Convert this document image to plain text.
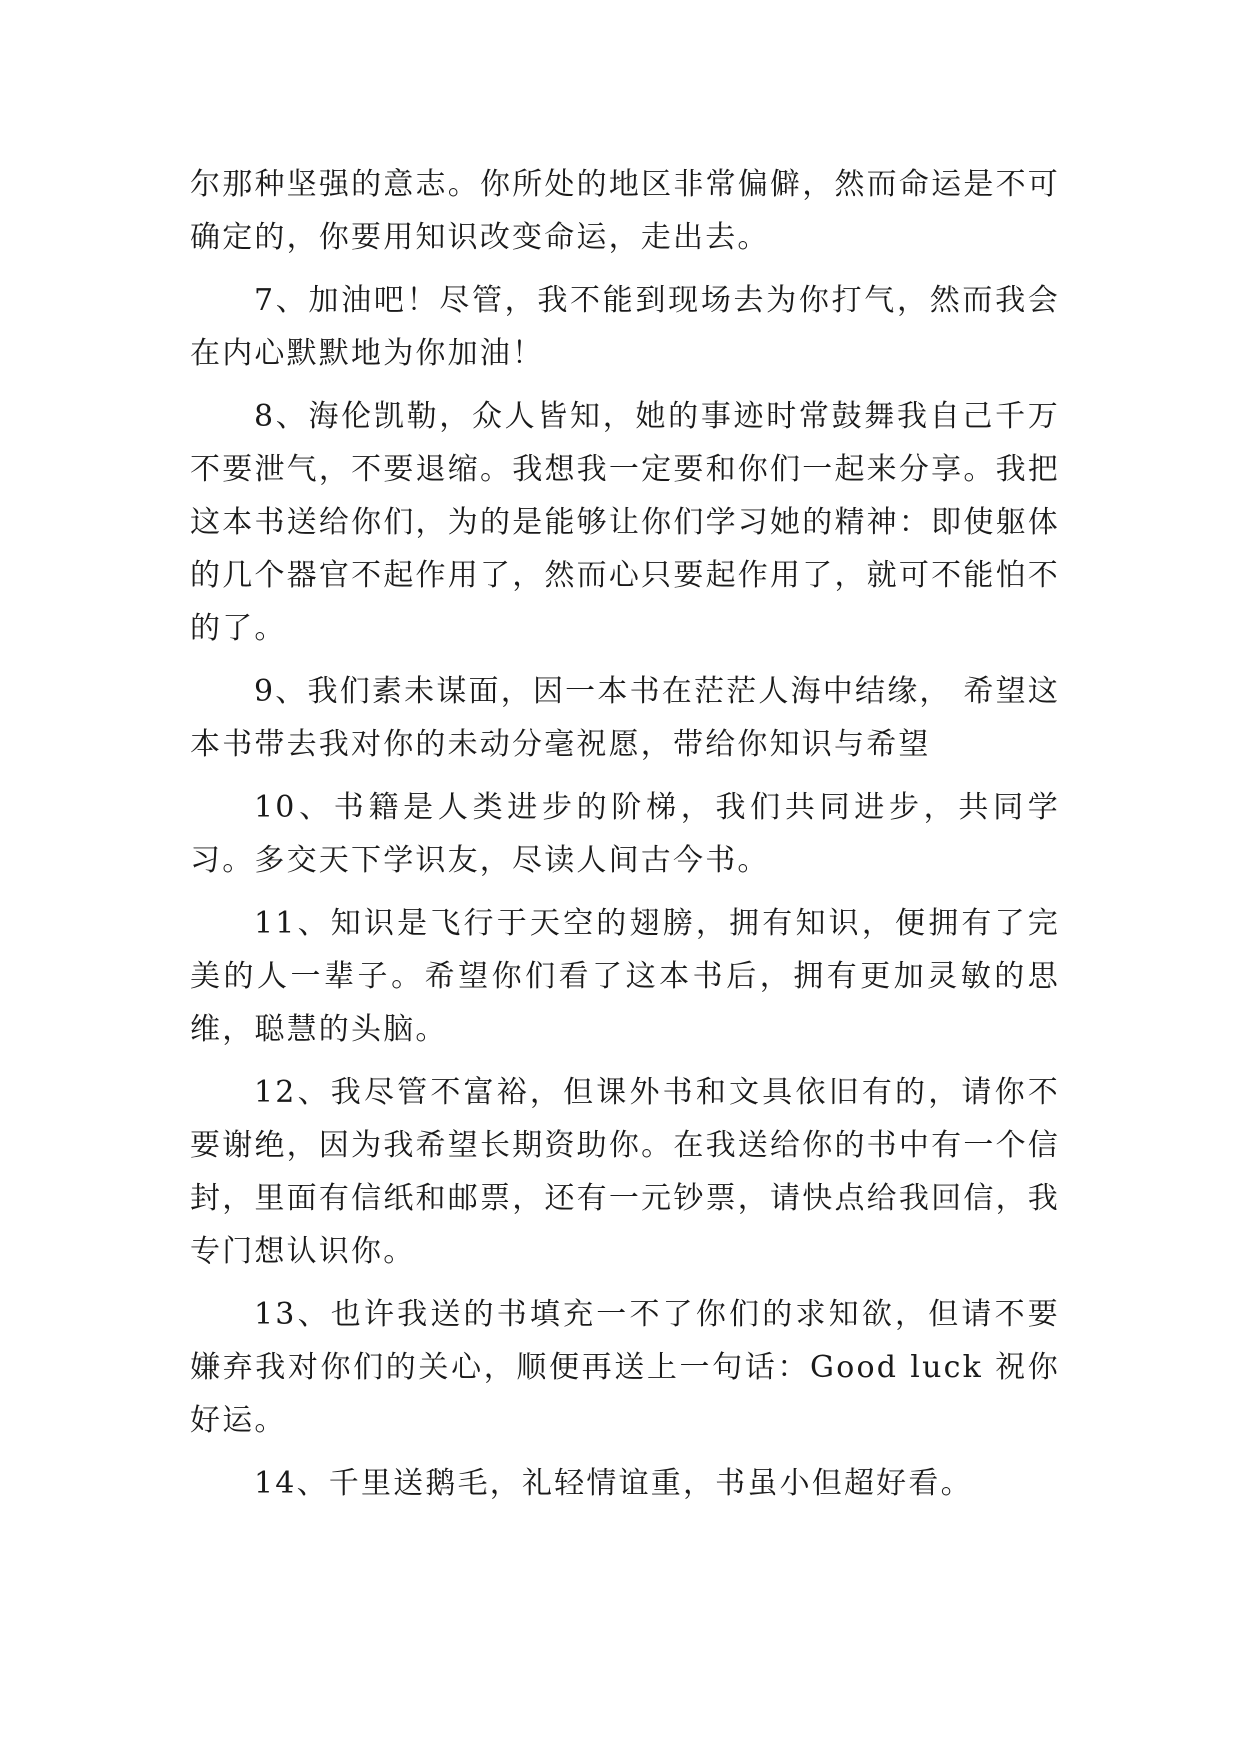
尔那种坚强的意志。你所处的地区非常偏僻，然而命运是不可确定的，你要用知识改变命运，走出去。

7、加油吧！尽管，我不能到现场去为你打气，然而我会在内心默默地为你加油！

8、海伦凯勒，众人皆知，她的事迹时常鼓舞我自己千万不要泄气，不要退缩。我想我一定要和你们一起来分享。我把这本书送给你们，为的是能够让你们学习她的精神：即使躯体的几个器官不起作用了，然而心只要起作用了，就可不能怕不的了。

9、我们素未谋面，因一本书在茫茫人海中结缘， 希望这本书带去我对你的未动分毫祝愿，带给你知识与希望

10、书籍是人类进步的阶梯，我们共同进步，共同学习。多交天下学识友，尽读人间古今书。

11、知识是飞行于天空的翅膀，拥有知识，便拥有了完美的人一辈子。希望你们看了这本书后，拥有更加灵敏的思维，聪慧的头脑。

12、我尽管不富裕，但课外书和文具依旧有的，请你不要谢绝，因为我希望长期资助你。在我送给你的书中有一个信封，里面有信纸和邮票，还有一元钞票，请快点给我回信，我专门想认识你。

13、也许我送的书填充一不了你们的求知欲，但请不要嫌弃我对你们的关心，顺便再送上一句话：Good luck 祝你好运。

14、千里送鹅毛，礼轻情谊重，书虽小但超好看。
